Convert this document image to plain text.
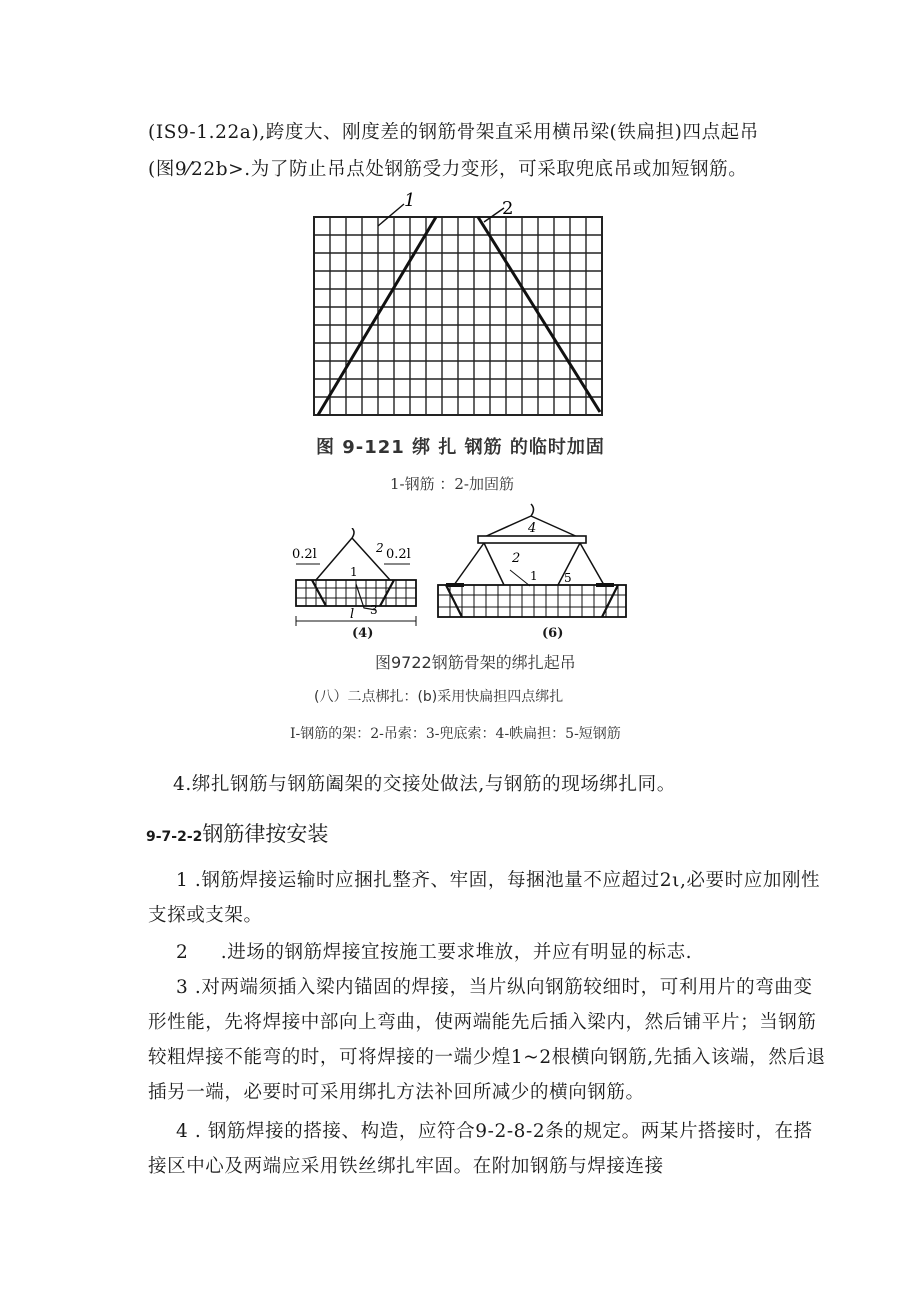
(IS9-1.22a),跨度大、刚度差的钢筋骨架直采用横吊梁(铁扁担)四点起吊
(图9⁄22b>.为了防止吊点处钢筋受力变形，可采取兜底吊或加短钢筋。
1	2
图 9-121 绑 扎 钢筋 的临时加固
1-钢筋 ：2-加固筋
0.2l	0.2l
l
1
2
3
(4)
4
2
1 5
(6)
图9722钢筋骨架的绑扎起吊
(八）二点梆扎：(b)采用快扁担四点绑扎
I-钢筋的架：2-吊索：3-兜底索：4-帙扁担：5-短钢筋
4.绑扎钢筋与钢筋阖架的交接处做法,与钢筋的现场绑扎同。
9-7-2-2钢筋律按安装
1 .钢筋焊接运输时应捆扎整齐、牢固，每捆池量不应超过2ι,必要时应加刚性
支探或支架。
2 .进场的钢筋焊接宜按施工要求堆放，并应有明显的标志.
3 .对两端须插入梁内锚固的焊接，当片纵向钢筋较细时，可利用片的弯曲变
形性能，先将焊接中部向上弯曲，使两端能先后插入梁内，然后铺平片；当钢筋
较粗焊接不能弯的时，可将焊接的一端少煌1~2根横向钢筋,先插入该端，然后退
插另一端，必要时可采用绑扎方法补回所减少的横向钢筋。
4 . 钢筋焊接的搭接、构造，应符合9-2-8-2条的规定。两某片搭接时，在搭
接区中心及两端应采用铁丝绑扎牢固。在附加钢筋与焊接连接
